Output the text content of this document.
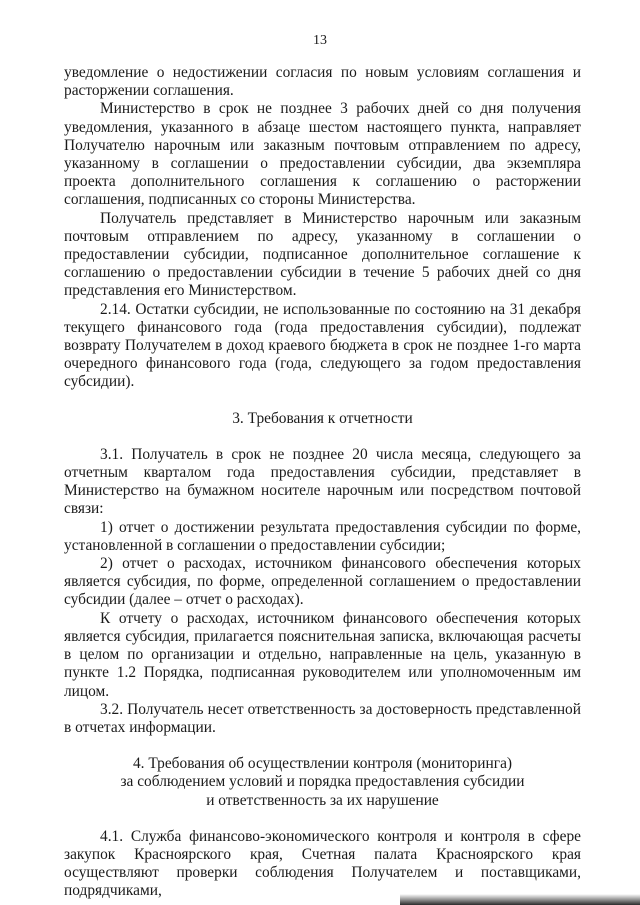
13

уведомление о недостижении согласия по новым условиям соглашения и расторжении соглашения.

Министерство в срок не позднее 3 рабочих дней со дня получения уведомления, указанного в абзаце шестом настоящего пункта, направляет Получателю нарочным или заказным почтовым отправлением по адресу, указанному в соглашении о предоставлении субсидии, два экземпляра проекта дополнительного соглашения к соглашению о расторжении соглашения, подписанных со стороны Министерства.

Получатель представляет в Министерство нарочным или заказным почтовым отправлением по адресу, указанному в соглашении о предоставлении субсидии, подписанное дополнительное соглашение к соглашению о предоставлении субсидии в течение 5 рабочих дней со дня представления его Министерством.

2.14. Остатки субсидии, не использованные по состоянию на 31 декабря текущего финансового года (года предоставления субсидии), подлежат возврату Получателем в доход краевого бюджета в срок не позднее 1-го марта очередного финансового года (года, следующего за годом предоставления субсидии).

3. Требования к отчетности

3.1. Получатель в срок не позднее 20 числа месяца, следующего за отчетным кварталом года предоставления субсидии, представляет в Министерство на бумажном носителе нарочным или посредством почтовой связи:

1) отчет о достижении результата предоставления субсидии по форме, установленной в соглашении о предоставлении субсидии;

2) отчет о расходах, источником финансового обеспечения которых является субсидия, по форме, определенной соглашением о предоставлении субсидии (далее – отчет о расходах).

К отчету о расходах, источником финансового обеспечения которых является субсидия, прилагается пояснительная записка, включающая расчеты в целом по организации и отдельно, направленные на цель, указанную в пункте 1.2 Порядка, подписанная руководителем или уполномоченным им лицом.

3.2. Получатель несет ответственность за достоверность представленной в отчетах информации.

4. Требования об осуществлении контроля (мониторинга)

за соблюдением условий и порядка предоставления субсидии

и ответственность за их нарушение

4.1. Служба финансово-экономического контроля и контроля в сфере закупок Красноярского края, Счетная палата Красноярского края осуществляют проверки соблюдения Получателем и поставщиками, подрядчиками,
